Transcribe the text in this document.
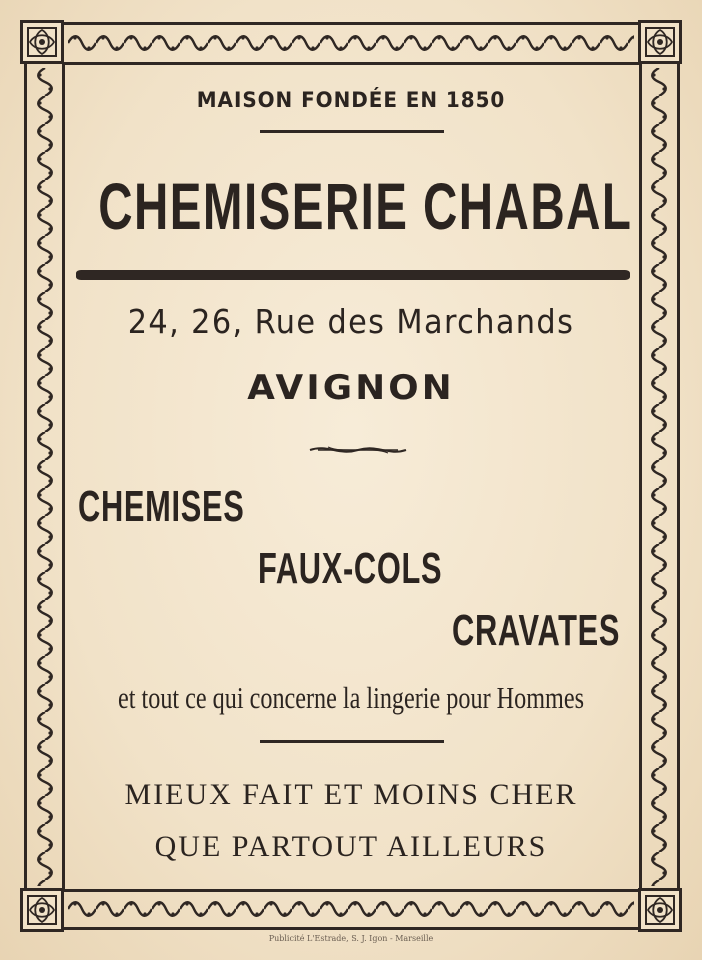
MAISON FONDÉE EN 1850
CHEMISERIE CHABAL
24, 26, Rue des Marchands
AVIGNON
CHEMISES
FAUX-COLS
CRAVATES
et tout ce qui concerne la lingerie pour Hommes
MIEUX FAIT ET MOINS CHER
QUE PARTOUT AILLEURS
Publicité L'Estrade, S. J. Igon - Marseille
